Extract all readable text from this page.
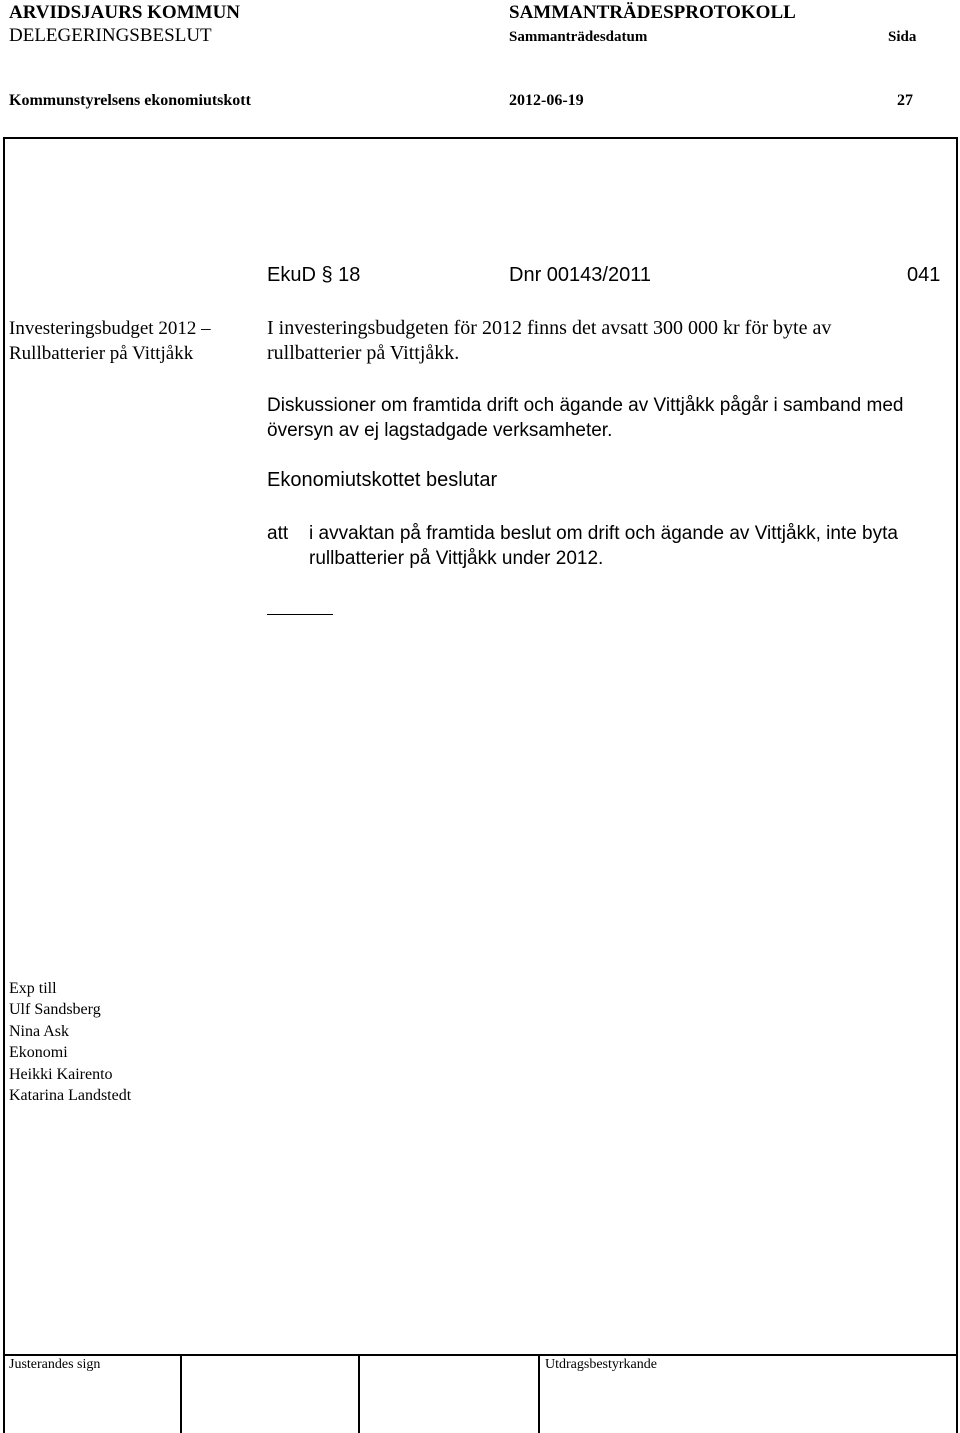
ARVIDSJAURS KOMMUN
DELEGERINGSBESLUT
SAMMANTRÄDESPROTOKOLL
Sammanträdesdatum	Sida
Kommunstyrelsens ekonomiutskott	2012-06-19	27
EkuD § 18	Dnr 00143/2011	041
Investeringsbudget 2012 –
Rullbatterier på Vittjåkk
I investeringsbudgeten för 2012 finns det avsatt 300 000 kr för byte av
rullbatterier på Vittjåkk.
Diskussioner om framtida drift och ägande av Vittjåkk pågår i samband med
översyn av ej lagstadgade verksamheter.
Ekonomiutskottet beslutar
att i avvaktan på framtida beslut om drift och ägande av Vittjåkk, inte byta
rullbatterier på Vittjåkk under 2012.
Exp till
Ulf Sandsberg
Nina Ask
Ekonomi
Heikki Kairento
Katarina Landstedt
Justerandes sign	Utdragsbestyrkande
